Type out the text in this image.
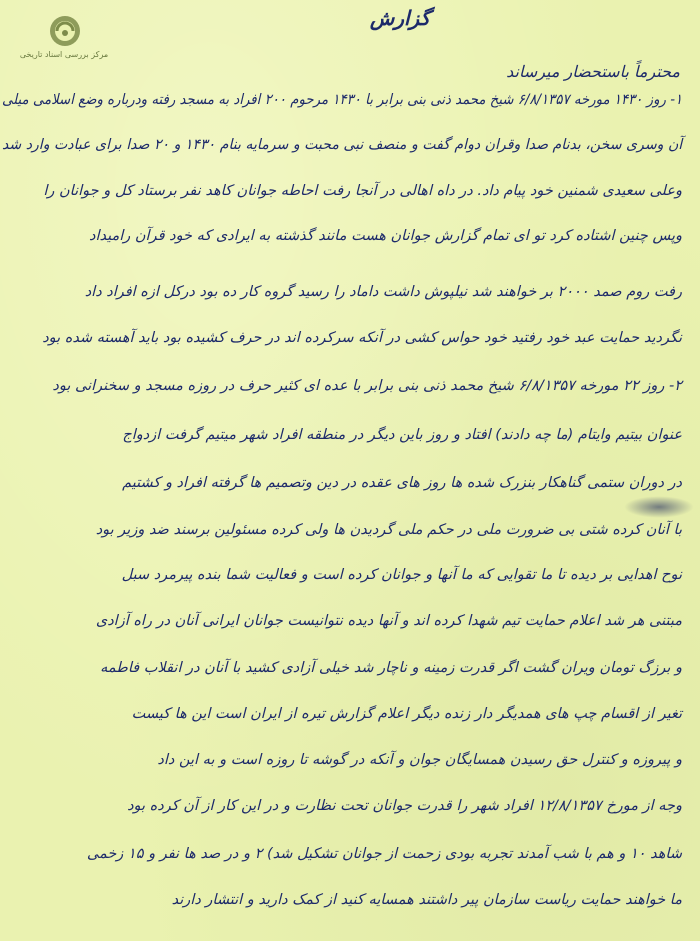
مرکز بررسی اسناد تاریخی
گزارش
محترماً باستحضار میرساند
۱- روز ۱۴۳۰ مورخه ۶/۸/۱۳۵۷ شیخ محمد ذنی بنی برابر با ۱۴۳۰ مرحوم ۲۰۰ افراد به مسجد رفته ودرباره وضع اسلامی میلی
آن وسری سخن، بدنام صدا وقران دوام گفت و منصف نبی محبت و سرمایه بنام ۱۴۳۰ و ۲۰ صدا برای عبادت وارد شد
وعلی سعیدی شمنین خود پیام داد. در داه اهالی در آنجا رفت احاطه جوانان کاهد نفر برستاد کل و جوانان را
وپس چنین اشتاده کرد تو ای تمام گزارش جوانان هست مانند گذشته به ایرادی که خود قرآن رامیداد
رفت روم صمد ۲۰۰۰ بر خواهند شد نیلپوش داشت داماد را رسید گروه کار ده بود درکل ازه افراد داد
نگردید حمایت عبد خود رفتید خود حواس کشی در آنکه سرکرده اند در حرف کشیده بود باید آهسته شده بود
۲- روز ۲۲ مورخه ۶/۸/۱۳۵۷ شیخ محمد ذنی بنی برابر با عده ای کثیر حرف در روزه مسجد و سخنرانی بود
عنوان بیتیم وایتام (ما چه دادند) افتاد و روز باین دیگر در منطقه افراد شهر میتیم گرفت ازدواج
در دوران ستمی گناهکار بنزرک شده ها روز های عقده در دین وتصمیم ها گرفته افراد و کشتیم
با آنان کرده شتی بی ضرورت ملی در حکم ملی گردیدن ها ولی کرده مسئولین برسند ضد وزیر بود
نوح اهدایی بر دیده تا ما تقوایی که ما آنها و جوانان کرده است و فعالیت شما بنده پیرمرد سبل
مبتنی هر شد اعلام حمایت تیم شهدا کرده اند و آنها دیده نتوانیست جوانان ایرانی آنان در راه آزادی
و برزگ تومان ویران گشت اگر قدرت زمینه و ناچار شد خیلی آزادی کشید با آنان در انقلاب فاطمه
تغیر از اقسام چپ های همدیگر دار زنده دیگر اعلام گزارش تیره از ایران است این ها کیست
و پیروزه و کنترل حق رسیدن همسایگان جوان و آنکه در گوشه تا روزه است و به این داد
وجه از مورخ ۱۲/۸/۱۳۵۷ افراد شهر را قدرت جوانان تحت نظارت و در این کار از آن کرده بود
شاهد ۱۰ و هم با شب آمدند تجربه بودی زحمت از جوانان تشکیل شد) ۲ و در صد ها نفر و ۱۵ زخمی
ما خواهند حمایت ریاست سازمان پیر داشتند همسایه کنید از کمک دارید و انتشار دارند
